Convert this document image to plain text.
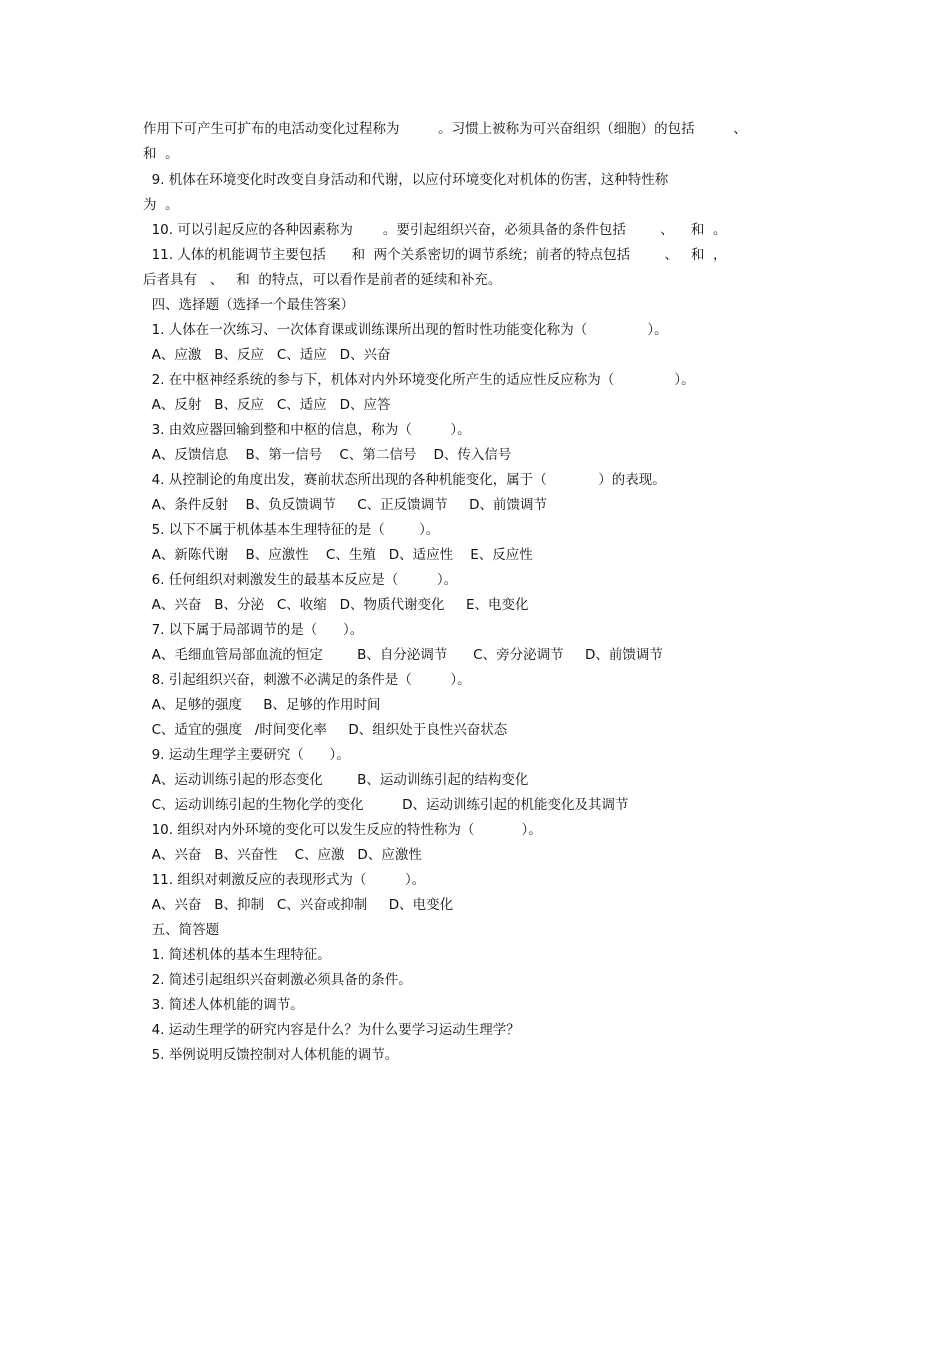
作用下可产生可扩布的电活动变化过程称为         。习惯上被称为可兴奋组织（细胞）的包括         、
和  。
9. 机体在环境变化时改变自身活动和代谢，以应付环境变化对机体的伤害，这种特性称
为  。
10. 可以引起反应的各种因素称为       。要引起组织兴奋，必须具备的条件包括        、    和  。
11. 人体的机能调节主要包括      和  两个关系密切的调节系统；前者的特点包括        、   和  ，
后者具有   、   和  的特点，可以看作是前者的延续和补充。
四、选择题（选择一个最佳答案）
1. 人体在一次练习、一次体育课或训练课所出现的暂时性功能变化称为（              ）。
A、应激   B、反应   C、适应   D、兴奋
2. 在中枢神经系统的参与下，机体对内外环境变化所产生的适应性反应称为（              ）。
A、反射   B、反应   C、适应   D、应答
3. 由效应器回输到整和中枢的信息，称为（         ）。
A、反馈信息    B、第一信号    C、第二信号    D、传入信号
4. 从控制论的角度出发，赛前状态所出现的各种机能变化，属于（            ）的表现。
A、条件反射    B、负反馈调节     C、正反馈调节     D、前馈调节
5. 以下不属于机体基本生理特征的是（        ）。
A、新陈代谢    B、应激性    C、生殖   D、适应性    E、反应性
6. 任何组织对刺激发生的最基本反应是（         ）。
A、兴奋   B、分泌   C、收缩   D、物质代谢变化     E、电变化
7. 以下属于局部调节的是（      ）。
A、毛细血管局部血流的恒定        B、自分泌调节      C、旁分泌调节     D、前馈调节
8. 引起组织兴奋，刺激不必满足的条件是（         ）。
A、足够的强度     B、足够的作用时间
C、适宜的强度   /时间变化率     D、组织处于良性兴奋状态
9. 运动生理学主要研究（      ）。
A、运动训练引起的形态变化        B、运动训练引起的结构变化
C、运动训练引起的生物化学的变化         D、运动训练引起的机能变化及其调节
10. 组织对内外环境的变化可以发生反应的特性称为（           ）。
A、兴奋   B、兴奋性    C、应激   D、应激性
11. 组织对刺激反应的表现形式为（         ）。
A、兴奋   B、抑制   C、兴奋或抑制     D、电变化
五、简答题
1. 简述机体的基本生理特征。
2. 简述引起组织兴奋刺激必须具备的条件。
3. 简述人体机能的调节。
4. 运动生理学的研究内容是什么？为什么要学习运动生理学？
5. 举例说明反馈控制对人体机能的调节。
